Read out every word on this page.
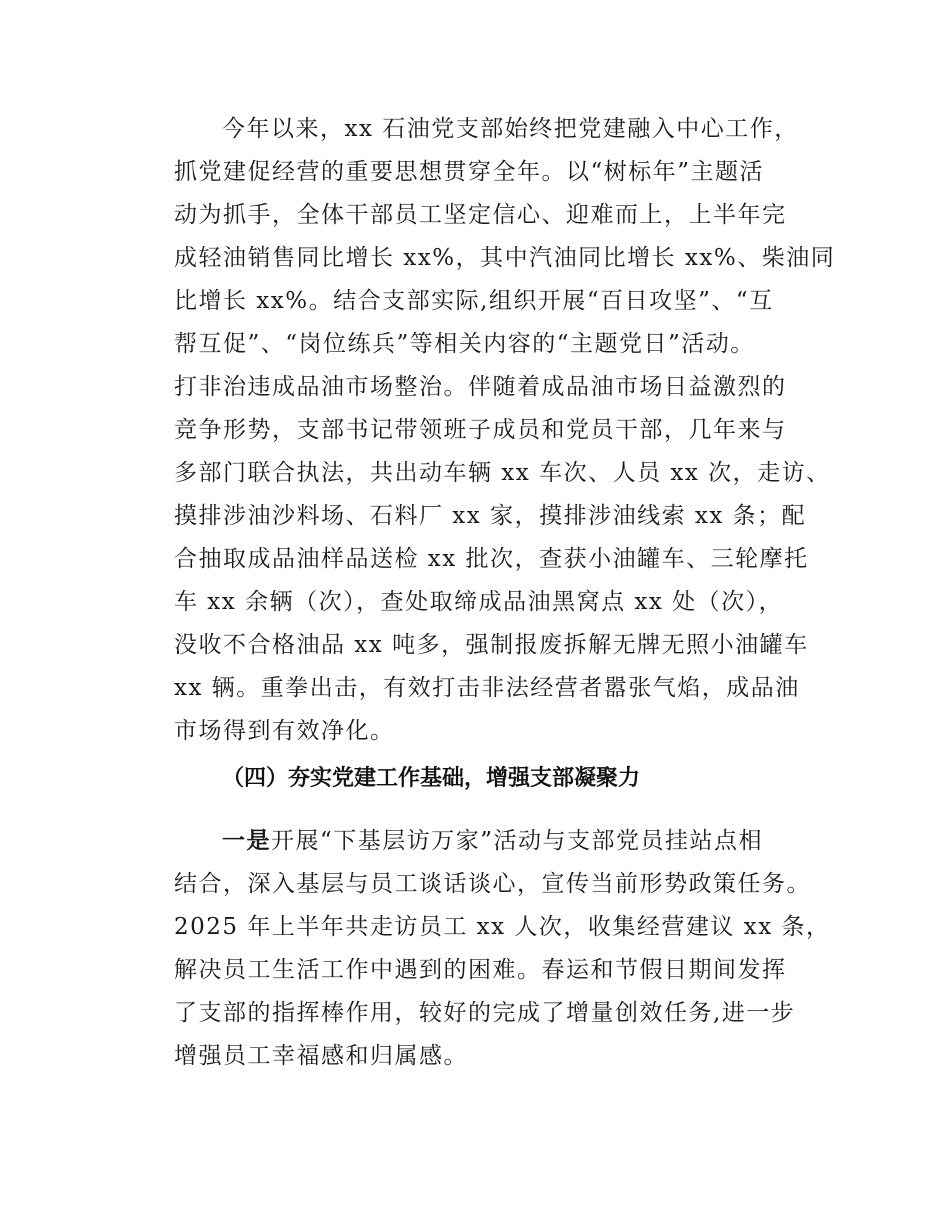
今年以来，xx 石油党支部始终把党建融入中心工作，
抓党建促经营的重要思想贯穿全年。以“树标年”主题活
动为抓手，全体干部员工坚定信心、迎难而上，上半年完
成轻油销售同比增长 xx%，其中汽油同比增长 xx%、柴油同
比增长 xx%。结合支部实际,组织开展“百日攻坚”、“互
帮互促”、“岗位练兵”等相关内容的“主题党日”活动。
打非治违成品油市场整治。伴随着成品油市场日益激烈的
竞争形势，支部书记带领班子成员和党员干部，几年来与
多部门联合执法，共出动车辆 xx 车次、人员 xx 次，走访、
摸排涉油沙料场、石料厂 xx 家，摸排涉油线索 xx 条；配
合抽取成品油样品送检 xx 批次，查获小油罐车、三轮摩托
车 xx 余辆（次），查处取缔成品油黑窝点 xx 处（次），
没收不合格油品 xx 吨多，强制报废拆解无牌无照小油罐车
xx 辆。重拳出击，有效打击非法经营者嚣张气焰，成品油
市场得到有效净化。
（四）夯实党建工作基础，增强支部凝聚力
一是开展“下基层访万家”活动与支部党员挂站点相
结合，深入基层与员工谈话谈心，宣传当前形势政策任务。
2025 年上半年共走访员工 xx 人次，收集经营建议 xx 条，
解决员工生活工作中遇到的困难。春运和节假日期间发挥
了支部的指挥棒作用，较好的完成了增量创效任务,进一步
增强员工幸福感和归属感。
